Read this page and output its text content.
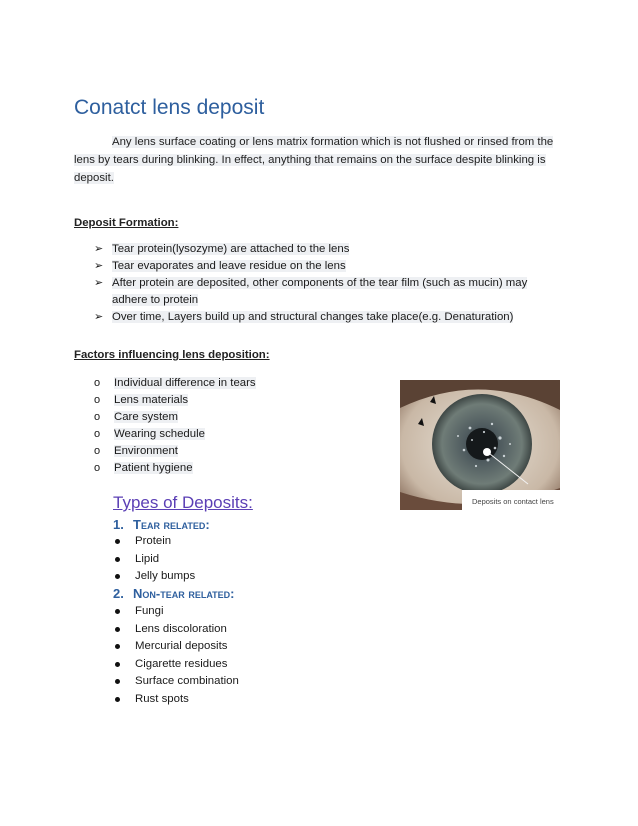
Conatct lens deposit
Any lens surface coating or lens matrix formation which is not flushed or rinsed from the lens by tears during blinking. In effect, anything that remains on the surface despite blinking is deposit.
Deposit Formation:
➢ Tear protein(lysozyme) are attached to the lens
➢ Tear evaporates and leave residue on the lens
➢ After protein are deposited, other components of the tear film (such as mucin) may adhere to protein
➢ Over time, Layers build up and structural changes take place(e.g. Denaturation)
Factors influencing lens deposition:
o Individual difference in tears
o Lens materials
o Care system
o Wearing schedule
o Environment
o Patient hygiene
Deposits on contact lens
Types of Deposits:
1. Tear related:
Protein
Lipid
Jelly bumps
2. Non-tear related:
Fungi
Lens discoloration
Mercurial deposits
Cigarette residues
Surface combination
Rust spots
